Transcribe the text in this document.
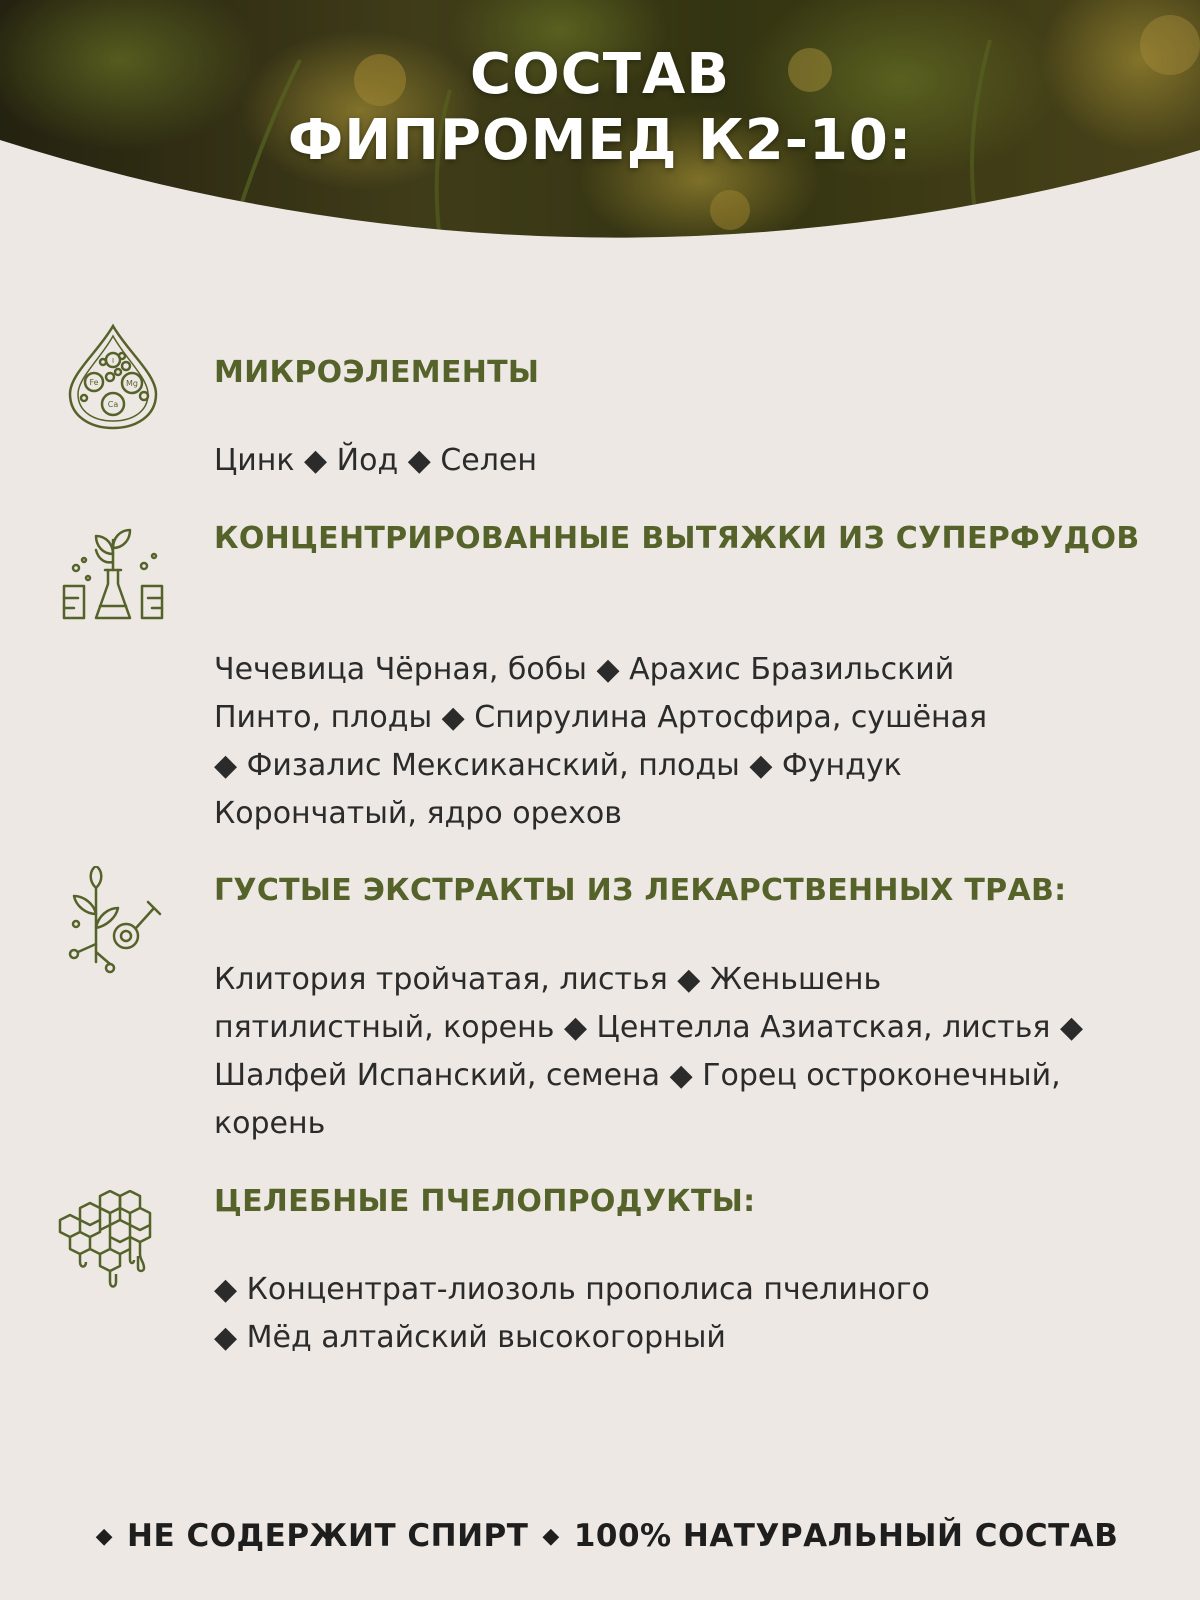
СОСТАВ
ФИПРОМЕД К2-10:
I
Fe	Mg
Ca
МИКРОЭЛЕМЕНТЫ
Цинк ◆ Йод ◆ Селен
КОНЦЕНТРИРОВАННЫЕ ВЫТЯЖКИ ИЗ СУПЕРФУДОВ
Чечевица Чёрная, бобы ◆ Арахис Бразильский
Пинто, плоды ◆ Спирулина Артосфира, сушёная
◆ Физалис Мексиканский, плоды ◆ Фундук
Корончатый, ядро орехов
ГУСТЫЕ ЭКСТРАКТЫ ИЗ ЛЕКАРСТВЕННЫХ ТРАВ:
Клитория тройчатая, листья ◆ Женьшень
пятилистный, корень ◆ Центелла Азиатская, листья ◆
Шалфей Испанский, семена ◆ Горец остроконечный,
корень
ЦЕЛЕБНЫЕ ПЧЕЛОПРОДУКТЫ:
◆ Концентрат-лиозоль прополиса пчелиного
◆ Мёд алтайский высокогорный
◆ НЕ СОДЕРЖИТ СПИРТ ◆ 100% НАТУРАЛЬНЫЙ СОСТАВ
